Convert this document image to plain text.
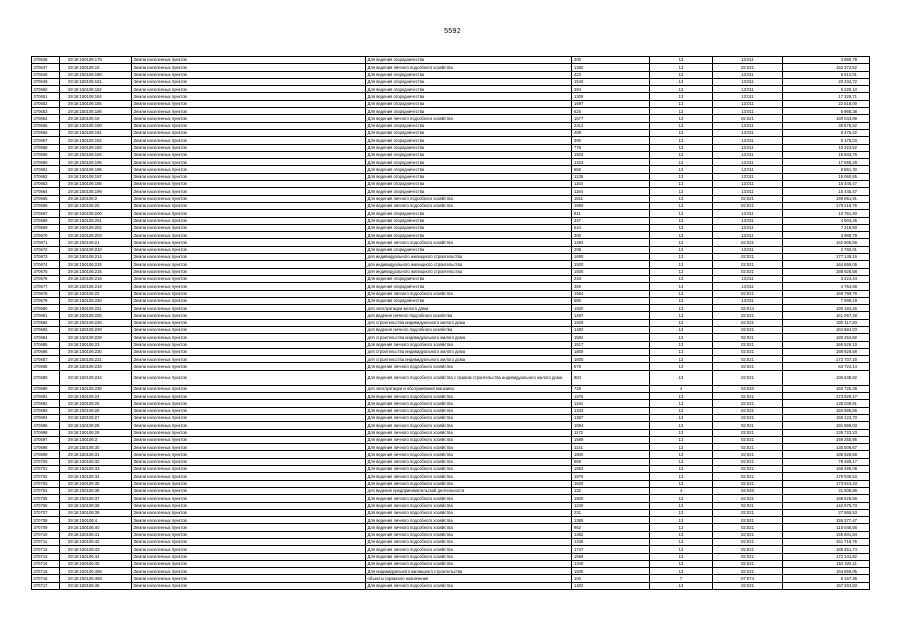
5592
370646	29:18:150106:179	Земли населенных пунктов	Для ведения огородничества	300	13	13:011	3 980,79
370647	29:18:150106:18	Земли населенных пунктов	Для ведения личного подсобного хозяйства	1360	13	02:021	152 372,52
370648	29:18:150106:180	Земли населенных пунктов	Для ведения огородничества	423	13	13:011	5 612,91
370649	29:18:150106:181	Земли населенных пунктов	Для ведения огородничества	1540	13	13:011	20 434,72
370650	29:18:150106:182	Земли населенных пунктов	Для ведения огородничества	394	13	13:011	5 228,10
370651	29:18:150106:184	Земли населенных пунктов	Для ведения огородничества	1306	13	13:011	17 329,71
370652	29:18:150106:185	Земли населенных пунктов	Для ведения огородничества	1697	13	13:011	22 518,00
370653	29:18:150106:186	Земли населенных пунктов	Для ведения огородничества	525	13	13:011	6 966,38
370654	29:18:150106:19	Земли населенных пунктов	Для ведения личного подсобного хозяйства	1677	13	02:021	180 043,89
370655	29:18:150106:190	Земли населенных пунктов	Для ведения огородничества	2312	13	13:011	30 678,62
370656	29:18:150106:191	Земли населенных пунктов	Для ведения огородничества	488	13	13:011	6 475,42
370657	29:18:150106:192	Земли населенных пунктов	Для ведения огородничества	390	13	13:011	5 175,03
370658	29:18:150106:193	Земли населенных пунктов	Для ведения огородничества	778	13	13:011	10 323,52
370659	29:18:150106:194	Земли населенных пунктов	Для ведения огородничества	1503	13	13:011	19 943,76
370660	29:18:150106:195	Земли населенных пунктов	Для ведения огородничества	1323	13	13:011	17 555,28
370661	29:18:150106:196	Земли населенных пунктов	Для ведения огородничества	656	13	13:011	8 861,30
370662	29:18:150106:197	Земли населенных пунктов	Для ведения огородничества	1135	13	13:011	15 060,65
370663	29:18:150106:198	Земли населенных пунктов	Для ведения огородничества	1164	13	13:011	15 445,47
370664	29:18:150106:199	Земли населенных пунктов	Для ведения огородничества	1164	13	13:011	15 445,47
370665	29:18:150106:2	Земли населенных пунктов	Для ведения личного подсобного хозяйства	1811	13	02:021	190 051,91
370666	29:18:150106:20	Земли населенных пунктов	Для ведения личного подсобного хозяйства	1660	13	02:021	178 218,76
370667	29:18:150106:200	Земли населенных пунктов	Для ведения огородничества	811	13	13:011	10 761,40
370668	29:18:150106:201	Земли населенных пунктов	Для ведения огородничества	347	13	13:011	4 604,45
370669	29:18:150106:202	Земли населенных пунктов	Для ведения огородничества	544	13	13:011	7 218,50
370670	29:18:150106:203	Земли населенных пунктов	Для ведения огородничества	300	13	13:011	3 980,79
370671	29:18:150106:21	Земли населенных пунктов	Для ведения личного подсобного хозяйства	1484	13	02:021	162 905,58
370672	29:18:150106:210	Земли населенных пунктов	Для ведения огородничества	208	13	13:011	2 760,01
370673	29:18:150106:214	Земли населенных пунктов	для индивидуального жилищного строительства	1690	13	02:021	177 145,16
370674	29:18:150106:215	Земли населенных пунктов	для индивидуального жилищного строительства	1500	13	02:021	164 659,05
370675	29:18:150106:216	Земли населенных пунктов	для индивидуального жилищного строительства	1500	13	02:021	188 926,58
370676	29:18:150106:218	Земли населенных пунктов	Для ведения огородничества	243	13	13:011	3 224,44
370677	29:18:150106:219	Земли населенных пунктов	Для ведения огородничества	359	13	13:011	4 763,68
370678	29:18:150106:22	Земли населенных пунктов	Для ведения личного подсобного хозяйства	1564	13	02:021	169 798,79
370679	29:18:150106:220	Земли населенных пунктов	Для ведения огородничества	580	13	13:011	7 696,19
370680	29:18:150106:221	Земли населенных пунктов	для эксплуатации жилого дома	1920	13	02:014	190 184,26
370681	29:18:150106:225	Земли населенных пунктов	для ведения личного подсобного хозяйства	1457	13	02:021	161 097,28
370682	29:18:150106:226	Земли населенных пунктов	для строительства индивидуального жилого дома	1929	13	02:021	200 117,83
370683	29:18:150106:228	Земли населенных пунктов	для ведения личного подсобного хозяйства	1482	13	02:021	162 684,03
370684	29:18:150106:229	Земли населенных пунктов	для строительства индивидуального жилого дома	1582	13	02:021	180 264,82
370685	29:18:150106:23	Земли населенных пунктов	Для ведения личного подсобного хозяйства	1517	13	02:021	166 526,10
370686	29:18:150106:230	Земли населенных пунктов	для строительства индивидуального жилого дома	1800	13	02:021	188 926,58
370687	29:18:150106:231	Земли населенных пунктов	для строительства индивидуального жилого дома	1600	13	02:021	173 707,20
370688	29:18:150106:233	Земли населенных пунктов	Для ведения личного подсобного хозяйства	578	13	02:021	63 724,14
370689	29:18:150106:234	Земли населенных пунктов	Для ведения личного подсобного хозяйства с правом строительства индивидуального жилого дома	884	13	02:021	106 638,82
370690	29:18:150106:235	Земли населенных пунктов	для эксплуатации и обслуживания магазина	726	4	04:040	150 725,38
370691	29:18:150106:24	Земли населенных пунктов	Для ведения личного подсобного хозяйства	1575	13	02:021	173 829,17
370692	29:18:150106:25	Земли населенных пунктов	Для ведения личного подсобного хозяйства	1154	13	02:021	135 039,61
370693	29:18:150106:26	Земли населенных пунктов	Для ведения личного подсобного хозяйства	1343	13	02:021	150 665,66
370694	29:18:150106:27	Земли населенных пунктов	Для ведения личного подсобного хозяйства	1387	13	02:021	155 123,70
370695	29:18:150106:28	Земли населенных пунктов	Для ведения личного подсобного хозяйства	1694	13	02:021	181 869,03
370696	29:18:150106:29	Земли населенных пунктов	Для ведения личного подсобного хозяйства	1172	13	02:021	135 723,23
370697	29:18:150106:3	Земли населенных пунктов	Для ведения личного подсобного хозяйства	1569	13	02:021	169 255,95
370698	29:18:150106:30	Земли населенных пунктов	Для ведения личного подсобного хозяйства	1141	13	02:021	130 506,67
370699	29:18:150106:31	Земли населенных пунктов	Для ведения личного подсобного хозяйства	1800	13	02:021	188 926,58
370700	29:18:150106:32	Земли населенных пунктов	Для ведения личного подсобного хозяйства	668	13	02:021	79 489,17
370701	29:18:150106:33	Земли населенных пунктов	Для ведения личного подсобного хозяйства	1552	13	02:021	168 495,08
370702	29:18:150106:34	Земли населенных пунктов	Для ведения личного подсобного хозяйства	1676	13	02:021	179 936,53
370703	29:18:150106:35	Земли населенных пунктов	Для ведения личного подсобного хозяйства	1620	13	02:021	173 924,33
370704	29:18:150106:36	Земли населенных пунктов	для ведения предпринимательской деятельности	132	4	04:040	31 508,98
370705	29:18:150106:37	Земли населенных пунктов	Для ведения личного подсобного хозяйства	1800	13	02:021	188 926,58
370706	29:18:150106:38	Земли населенных пунктов	Для ведения личного подсобного хозяйства	1240	13	02:021	142 675,73
370707	29:18:150106:39	Земли населенных пунктов	Для ведения личного подсобного хозяйства	231	13	02:021	27 865,53
370708	29:18:150106:4	Земли населенных пунктов	Для ведения личного подсобного хозяйства	1365	13	02:021	155 377,47
370709	29:18:150106:40	Земли населенных пунктов	Для ведения личного подсобного хозяйства	962	13	02:021	116 046,56
370710	29:18:150106:41	Земли населенных пунктов	Для ведения личного подсобного хозяйства	1362	13	02:021	155 601,84
370711	29:18:150106:42	Земли населенных пунктов	Для ведения личного подсобного хозяйства	1338	13	02:021	151 718,76
370712	29:18:150106:43	Земли населенных пунктов	Для ведения личного подсобного хозяйства	1747	13	02:021	185 451,74
370713	29:18:150106:44	Земли населенных пунктов	Для ведения личного подсобного хозяйства	1569	13	02:021	172 341,82
370714	29:18:150106:45	Земли населенных пунктов	Для ведения личного подсобного хозяйства	1340	13	02:021	152 325,11
370715	29:18:150106:456	Земли населенных пунктов	Для индивидуального жилищного строительства	1500	13	02:021	164 659,05
370716	29:18:150106:459	Земли населенных пунктов	объекты гаражного назначения	100	7	07:074	9 167,36
370717	29:18:150106:46	Земли населенных пунктов	Для ведения личного подсобного хозяйства	1402	13	02:021	157 284,83
